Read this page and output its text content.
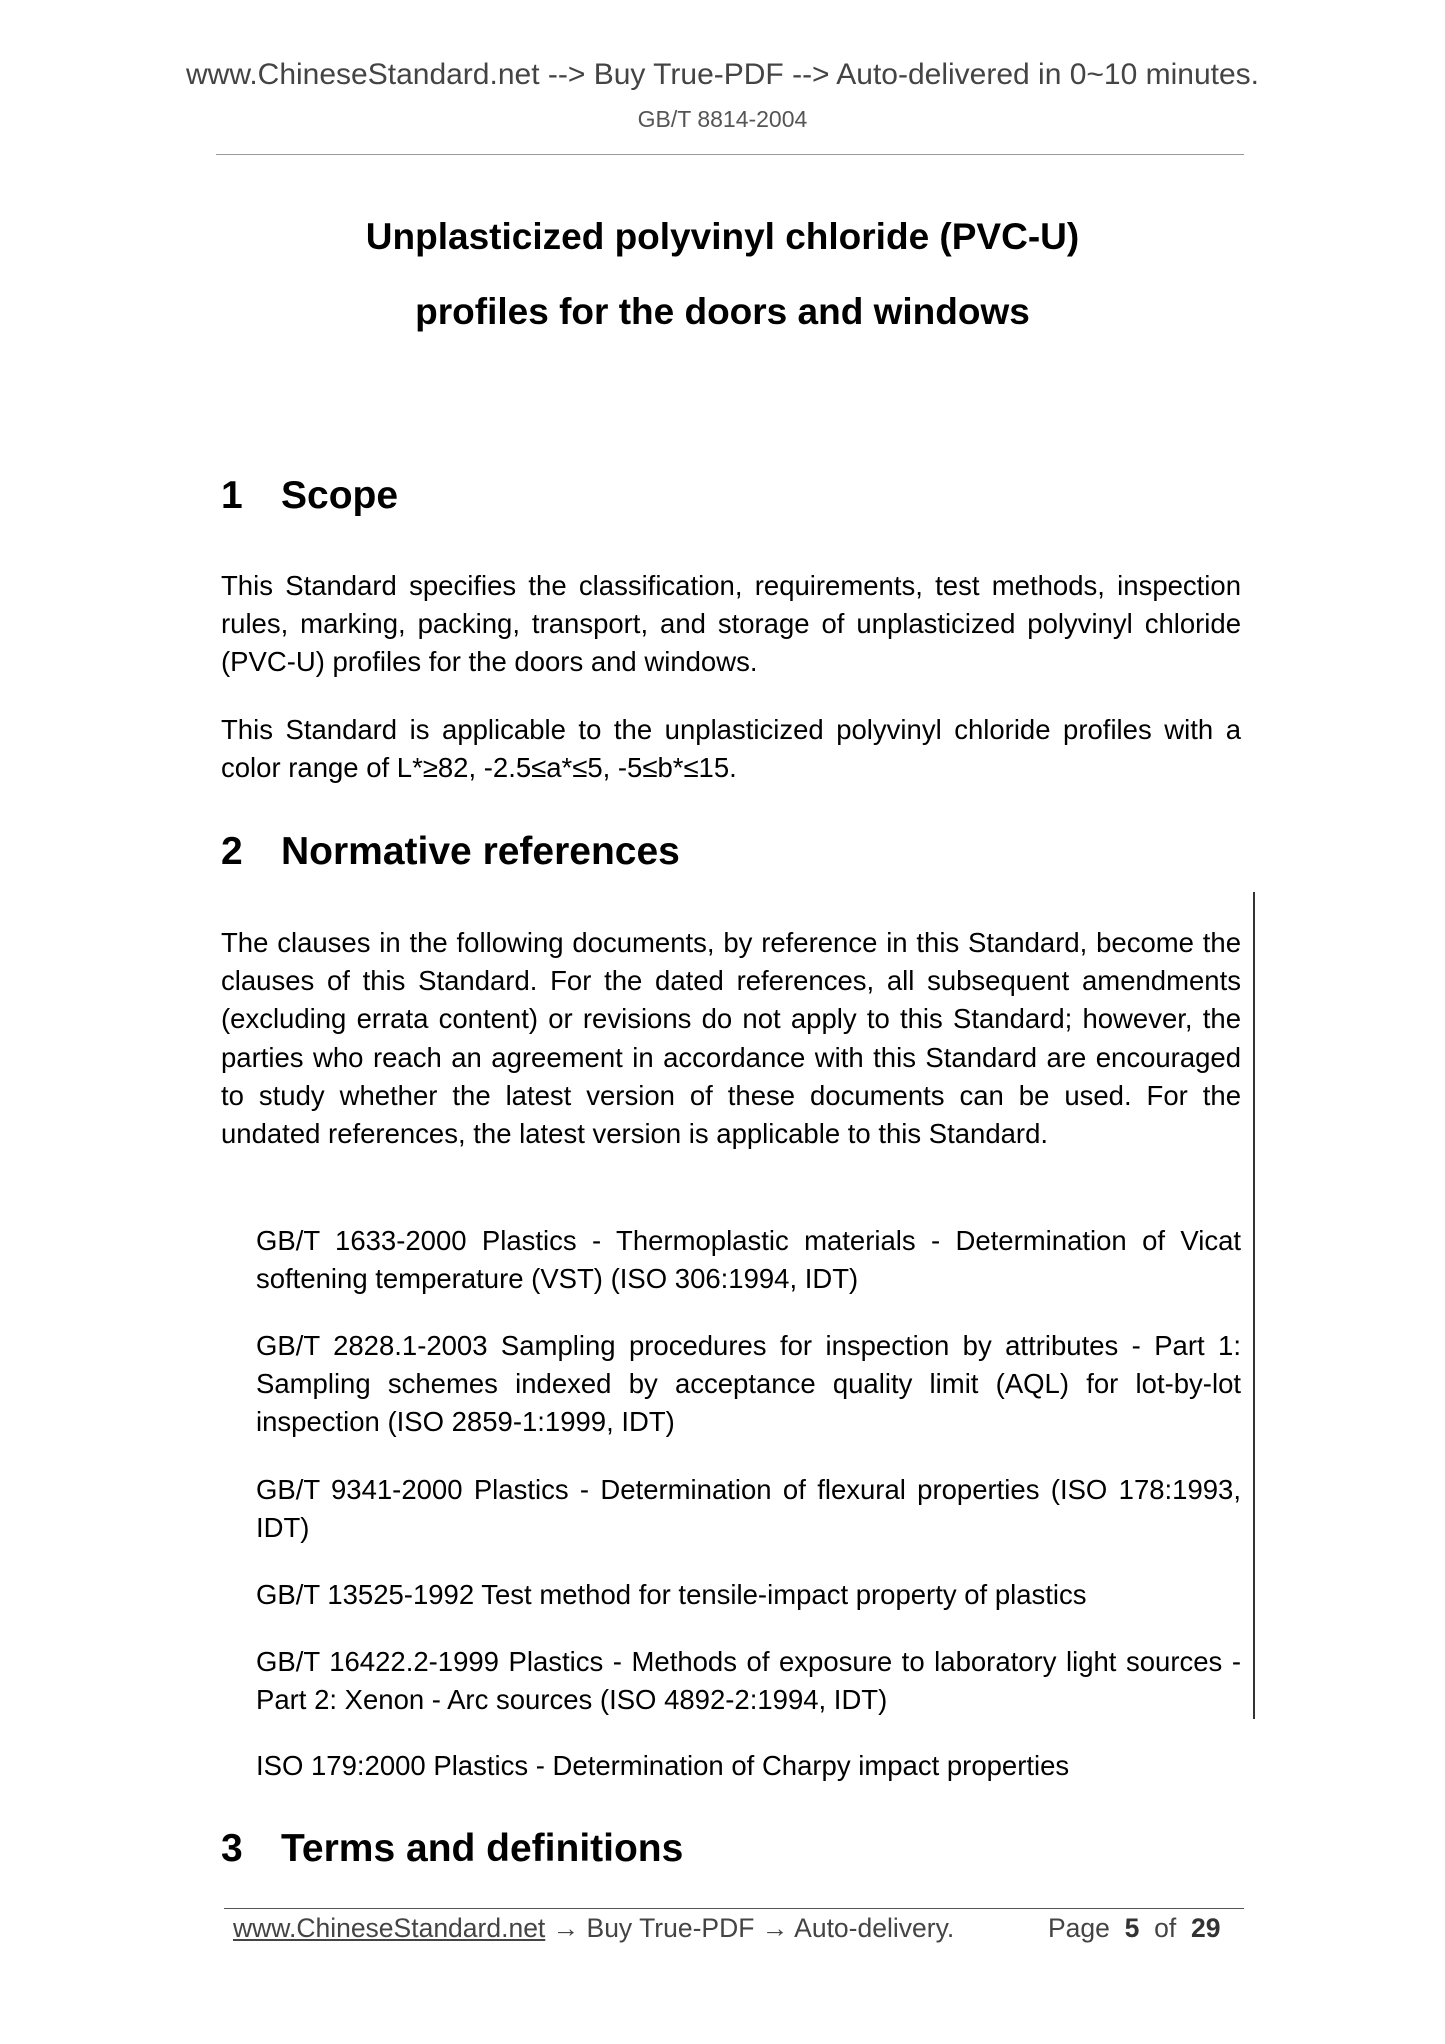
www.ChineseStandard.net --> Buy True-PDF --> Auto-delivered in 0~10 minutes.
GB/T 8814-2004
Unplasticized polyvinyl chloride (PVC-U)
profiles for the doors and windows
1 Scope
This Standard specifies the classification, requirements, test methods, inspection rules, marking, packing, transport, and storage of unplasticized polyvinyl chloride (PVC-U) profiles for the doors and windows.
This Standard is applicable to the unplasticized polyvinyl chloride profiles with a color range of L*≥82, -2.5≤a*≤5, -5≤b*≤15.
2 Normative references
The clauses in the following documents, by reference in this Standard, become the clauses of this Standard. For the dated references, all subsequent amendments (excluding errata content) or revisions do not apply to this Standard; however, the parties who reach an agreement in accordance with this Standard are encouraged to study whether the latest version of these documents can be used. For the undated references, the latest version is applicable to this Standard.
GB/T 1633-2000 Plastics - Thermoplastic materials - Determination of Vicat softening temperature (VST) (ISO 306:1994, IDT)
GB/T 2828.1-2003 Sampling procedures for inspection by attributes - Part 1: Sampling schemes indexed by acceptance quality limit (AQL) for lot-by-lot inspection (ISO 2859-1:1999, IDT)
GB/T 9341-2000 Plastics - Determination of flexural properties (ISO 178:1993, IDT)
GB/T 13525-1992 Test method for tensile-impact property of plastics
GB/T 16422.2-1999 Plastics - Methods of exposure to laboratory light sources - Part 2: Xenon - Arc sources (ISO 4892-2:1994, IDT)
ISO 179:2000 Plastics - Determination of Charpy impact properties
3 Terms and definitions
www.ChineseStandard.net → Buy True-PDF → Auto-delivery.	Page 5 of 29
